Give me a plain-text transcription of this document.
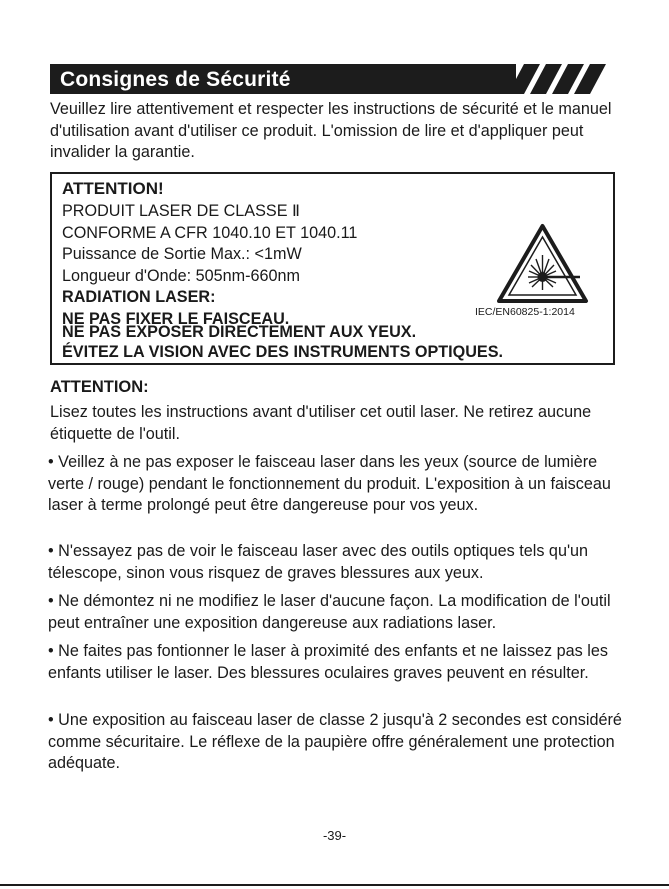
Consignes de Sécurité

Veuillez lire attentivement et respecter les instructions de sécurité et le manuel d'utilisation avant d'utiliser ce produit. L'omission de lire et d'appliquer peut invalider la garantie.

ATTENTION!
PRODUIT LASER DE CLASSE Ⅱ
CONFORME A CFR 1040.10 ET 1040.11
Puissance de Sortie Max.: <1mW
Longueur d'Onde: 505nm-660nm
RADIATION LASER:
NE PAS FIXER LE FAISCEAU.
NE PAS EXPOSER DIRECTEMENT AUX YEUX.
ÉVITEZ LA VISION AVEC DES INSTRUMENTS OPTIQUES.
IEC/EN60825-1:2014
ATTENTION:

Lisez toutes les instructions avant d'utiliser cet outil laser. Ne retirez aucune étiquette de l'outil.

• Veillez à ne pas exposer le faisceau laser dans les yeux (source de lumière verte / rouge) pendant le fonctionnement du produit. L'exposition à un faisceau laser à terme prolongé peut être dangereuse pour vos yeux.

• N'essayez pas de voir le faisceau laser avec des outils optiques tels qu'un télescope, sinon vous risquez de graves blessures aux yeux.

• Ne démontez ni ne modifiez le laser d'aucune façon. La modification de l'outil peut entraîner une exposition dangereuse aux radiations laser.

• Ne faites pas fontionner le laser à proximité des enfants et ne laissez pas les enfants utiliser le laser. Des blessures oculaires graves peuvent en résulter.

• Une exposition au faisceau laser de classe 2 jusqu'à 2 secondes est considéré comme sécuritaire. Le réflexe de la paupière offre généralement une protection adéquate.

-39-
